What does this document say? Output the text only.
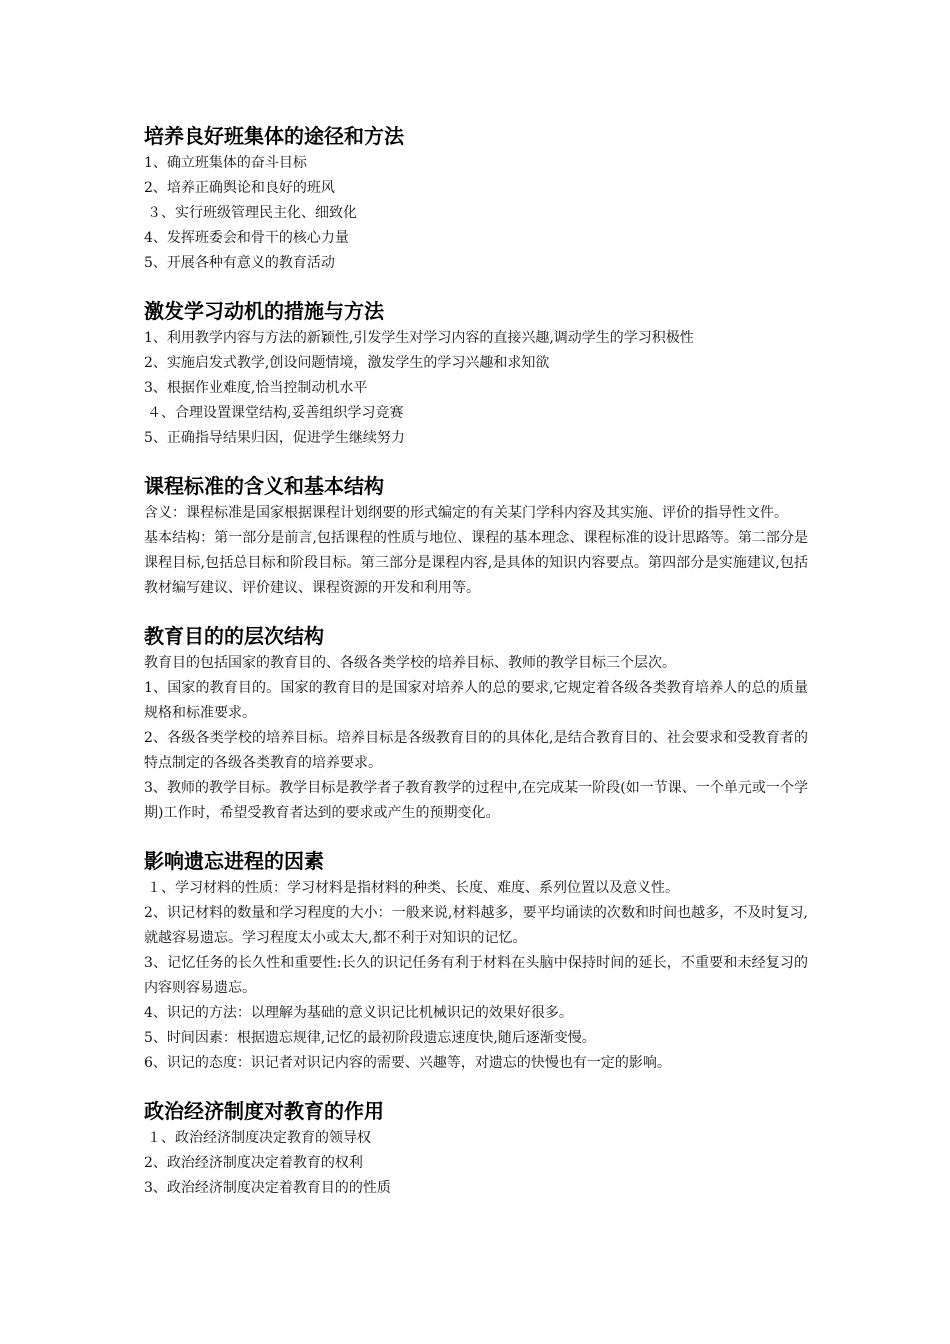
培养良好班集体的途径和方法

1、确立班集体的奋斗目标

2、培养正确舆论和良好的班风

３、实行班级管理民主化、细致化

4、发挥班委会和骨干的核心力量

5、开展各种有意义的教育活动

激发学习动机的措施与方法

1、利用教学内容与方法的新颖性,引发学生对学习内容的直接兴趣,调动学生的学习积极性

2、实施启发式教学,创设问题情境，激发学生的学习兴趣和求知欲

3、根据作业难度,恰当控制动机水平

４、合理设置课堂结构,妥善组织学习竞赛

5、正确指导结果归因，促进学生继续努力

课程标准的含义和基本结构

含义：课程标准是国家根据课程计划纲要的形式编定的有关某门学科内容及其实施、评价的指导性文件。

基本结构：第一部分是前言,包括课程的性质与地位、课程的基本理念、课程标准的设计思路等。第二部分是课程目标,包括总目标和阶段目标。第三部分是课程内容,是具体的知识内容要点。第四部分是实施建议,包括教材编写建议、评价建议、课程资源的开发和利用等。

教育目的的层次结构

教育目的包括国家的教育目的、各级各类学校的培养目标、教师的教学目标三个层次。

1、国家的教育目的。国家的教育目的是国家对培养人的总的要求,它规定着各级各类教育培养人的总的质量规格和标准要求。

2、各级各类学校的培养目标。培养目标是各级教育目的的具体化,是结合教育目的、社会要求和受教育者的特点制定的各级各类教育的培养要求。

3、教师的教学目标。教学目标是教学者子教育教学的过程中,在完成某一阶段(如一节课、一个单元或一个学期)工作时，希望受教育者达到的要求或产生的预期变化。

影响遗忘进程的因素

１、学习材料的性质：学习材料是指材料的种类、长度、难度、系列位置以及意义性。

2、识记材料的数量和学习程度的大小：一般来说,材料越多，要平均诵读的次数和时间也越多，不及时复习,就越容易遗忘。学习程度太小或太大,都不利于对知识的记忆。

3、记忆任务的长久性和重要性:长久的识记任务有利于材料在头脑中保持时间的延长，不重要和未经复习的内容则容易遗忘。

4、识记的方法：以理解为基础的意义识记比机械识记的效果好很多。

5、时间因素：根据遗忘规律,记忆的最初阶段遗忘速度快,随后逐渐变慢。

6、识记的态度：识记者对识记内容的需要、兴趣等，对遗忘的快慢也有一定的影响。

政治经济制度对教育的作用

１、政治经济制度决定教育的领导权

2、政治经济制度决定着教育的权利

3、政治经济制度决定着教育目的的性质
